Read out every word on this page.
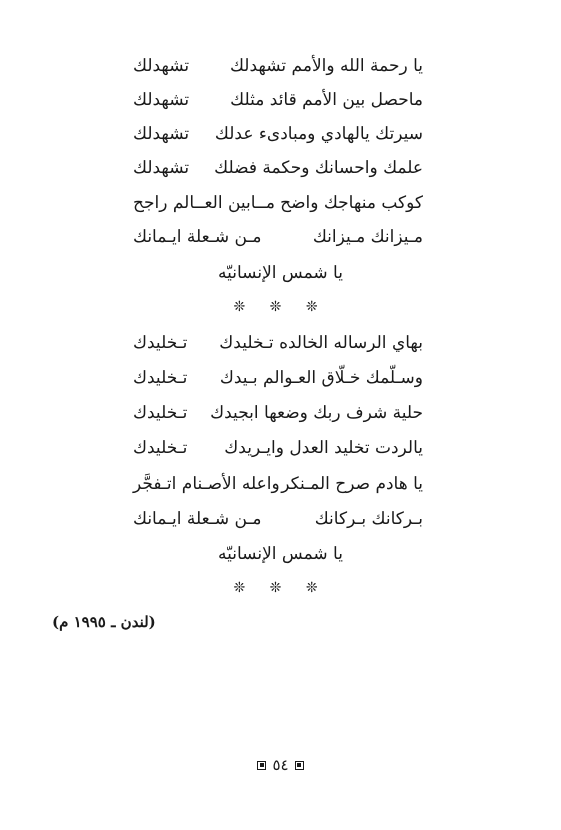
يا رحمة الله والأمم تشهدلك
تشهدلك
ماحصل بين الأمم قائد مثلك
تشهدلك
سيرتك يالهادي ومبادىء عدلك
تشهدلك
علمك واحسانك وحكمة فضلك
تشهدلك
كوكب منهاجك واضح
مــابين العــالم راجح
مـيزانك مـيزانك
مـن شـعلة ايـمانك
يا شمس الإنسانيّه
❊ ❊ ❊
بهاي الرساله الخالده تـخليدك
تـخليدك
وسـلّمك خـلّاق العـوالم بـيدك
تـخليدك
حلية شرف ربك وضعها ابجيدك
تـخليدك
يالردت تخليد العدل وايـريدك
تـخليدك
يا هادم صرح المـنكر
واعله الأصـنام اتـفجَّر
بـركانك بـركانك
مـن شـعلة ايـمانك
يا شمس الإنسانيّه
❊ ❊ ❊
(لندن ـ ١٩٩٥ م)
٥٤
